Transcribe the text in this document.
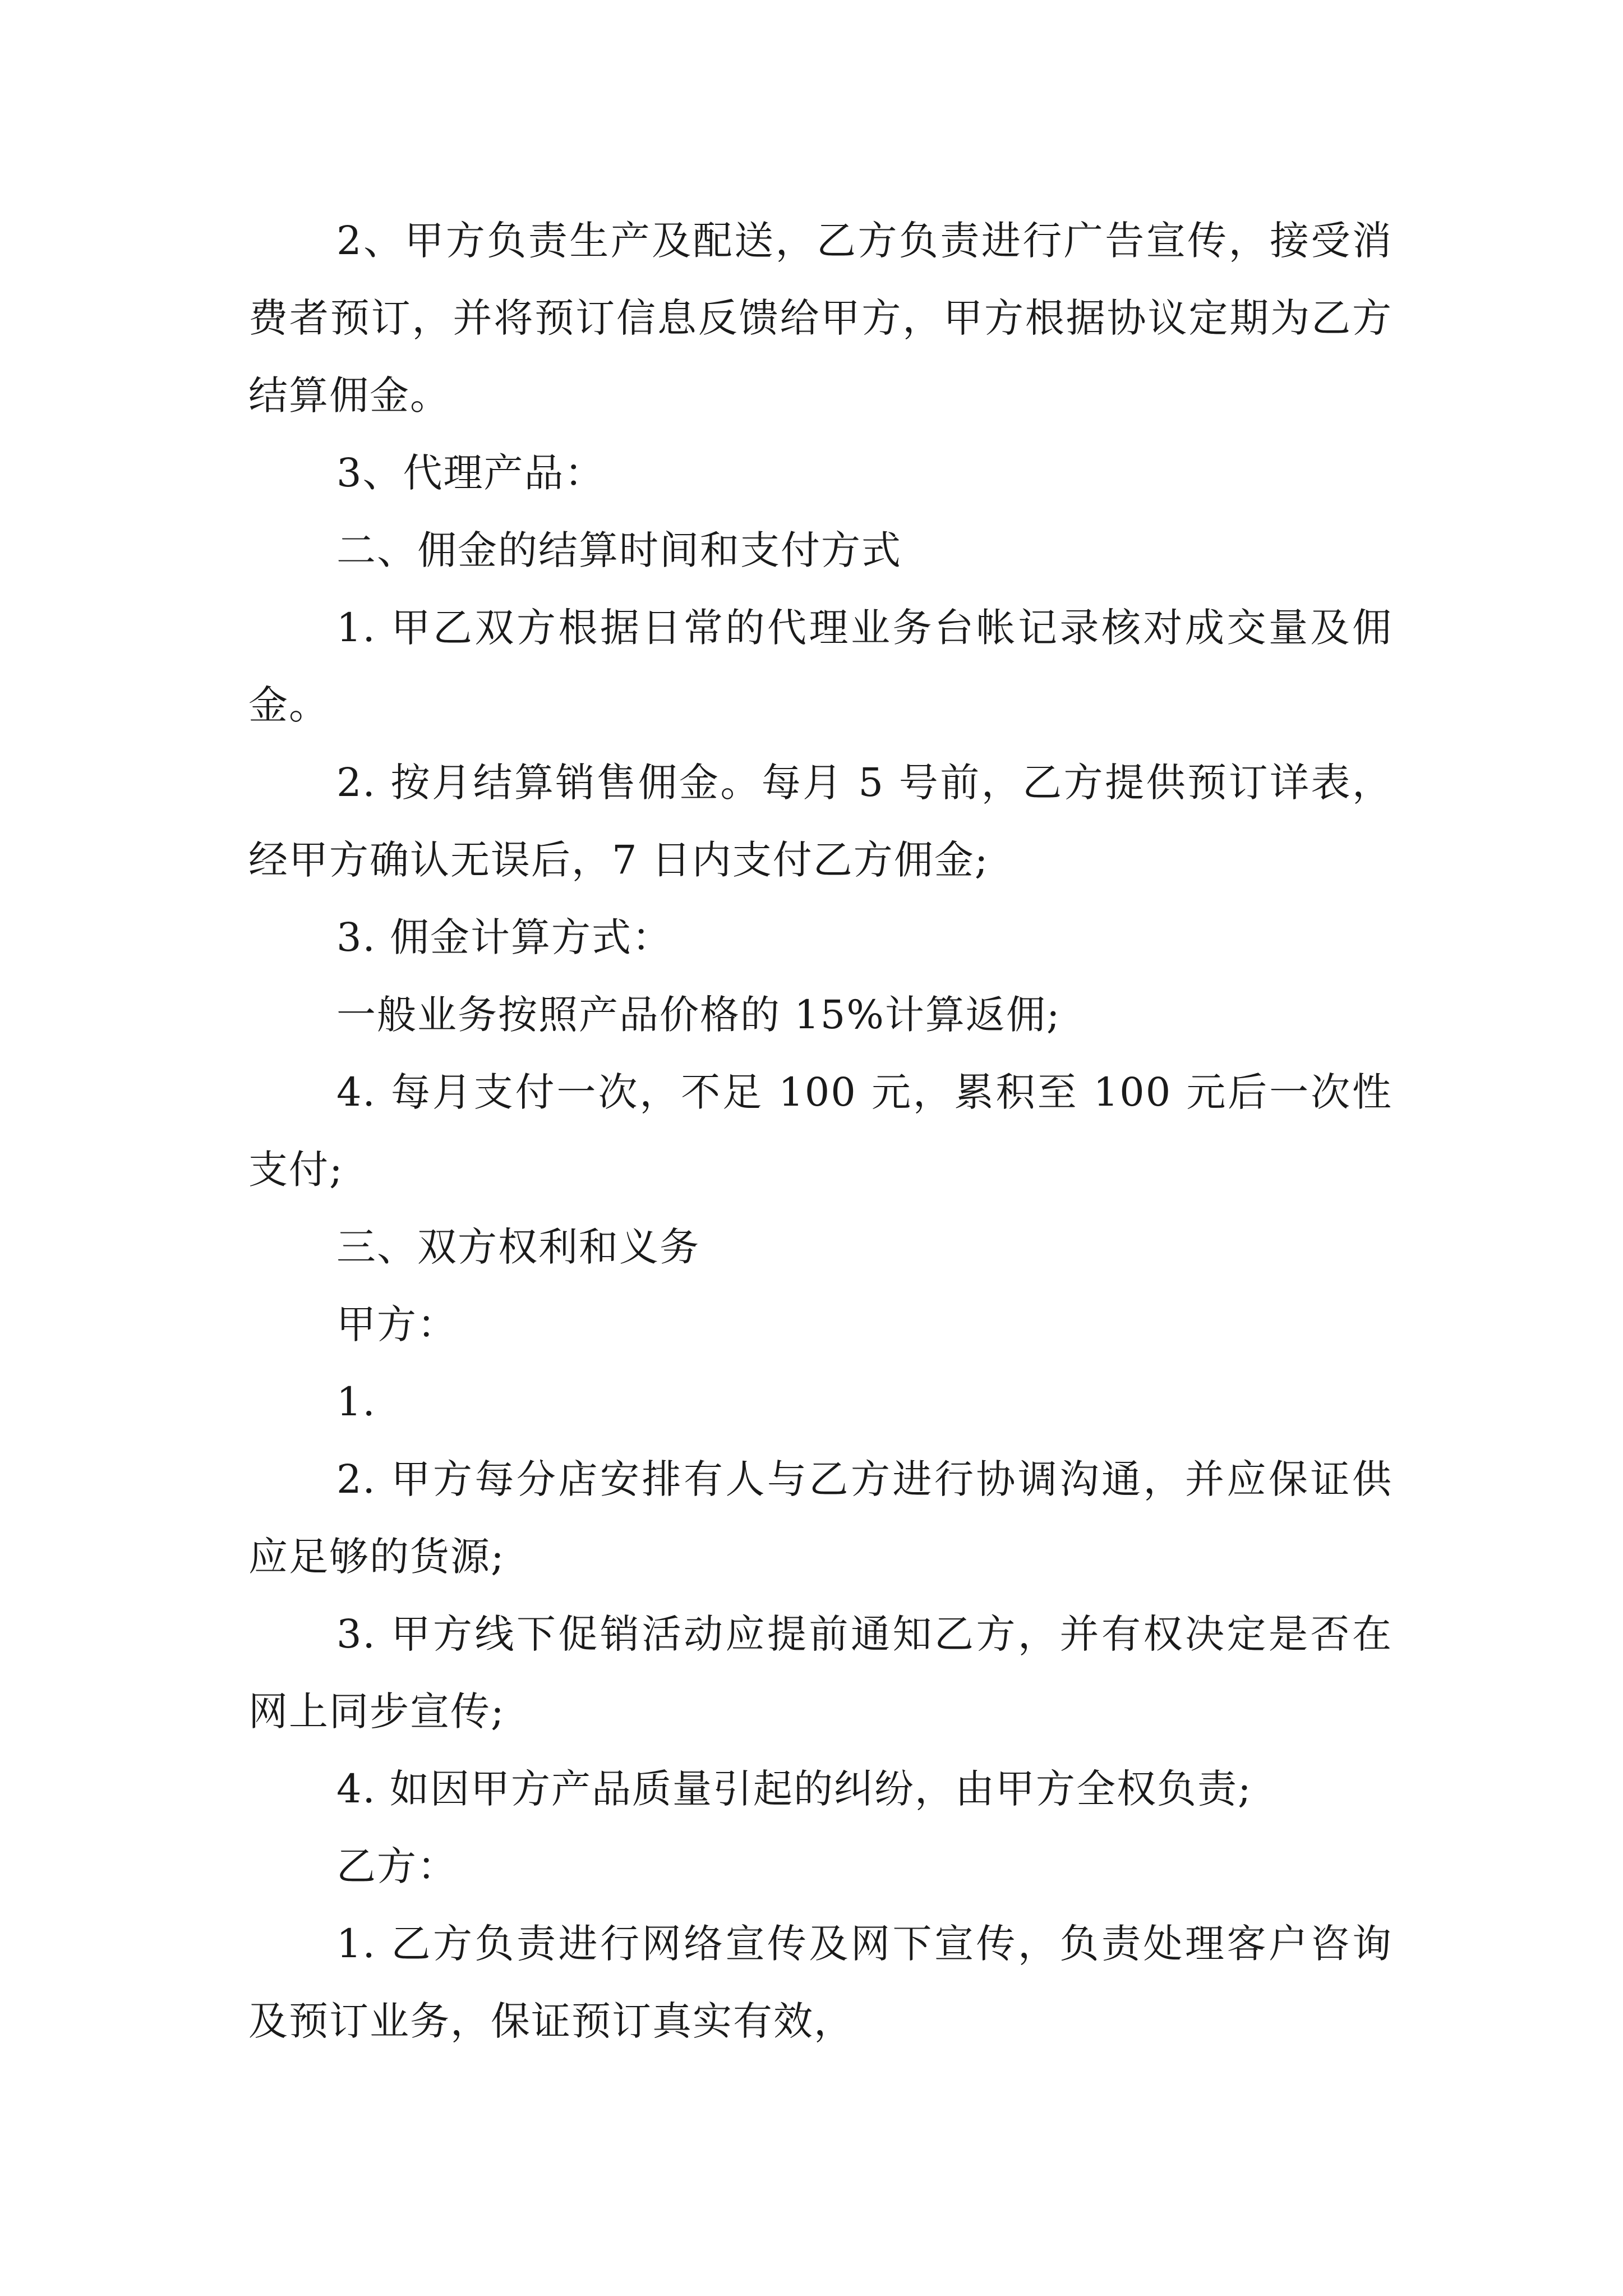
2、甲方负责生产及配送，乙方负责进行广告宣传，接受消费者预订，并将预订信息反馈给甲方，甲方根据协议定期为乙方结算佣金。

3、代理产品：

二、佣金的结算时间和支付方式

1. 甲乙双方根据日常的代理业务台帐记录核对成交量及佣金。

2. 按月结算销售佣金。每月 5 号前，乙方提供预订详表，经甲方确认无误后，7 日内支付乙方佣金;

3. 佣金计算方式：

一般业务按照产品价格的 15%计算返佣;

4. 每月支付一次，不足 100 元，累积至 100 元后一次性支付;

三、双方权利和义务

甲方：

1.

2. 甲方每分店安排有人与乙方进行协调沟通，并应保证供应足够的货源;

3. 甲方线下促销活动应提前通知乙方，并有权决定是否在网上同步宣传;

4. 如因甲方产品质量引起的纠纷，由甲方全权负责;

乙方：

1. 乙方负责进行网络宣传及网下宣传，负责处理客户咨询及预订业务，保证预订真实有效，
